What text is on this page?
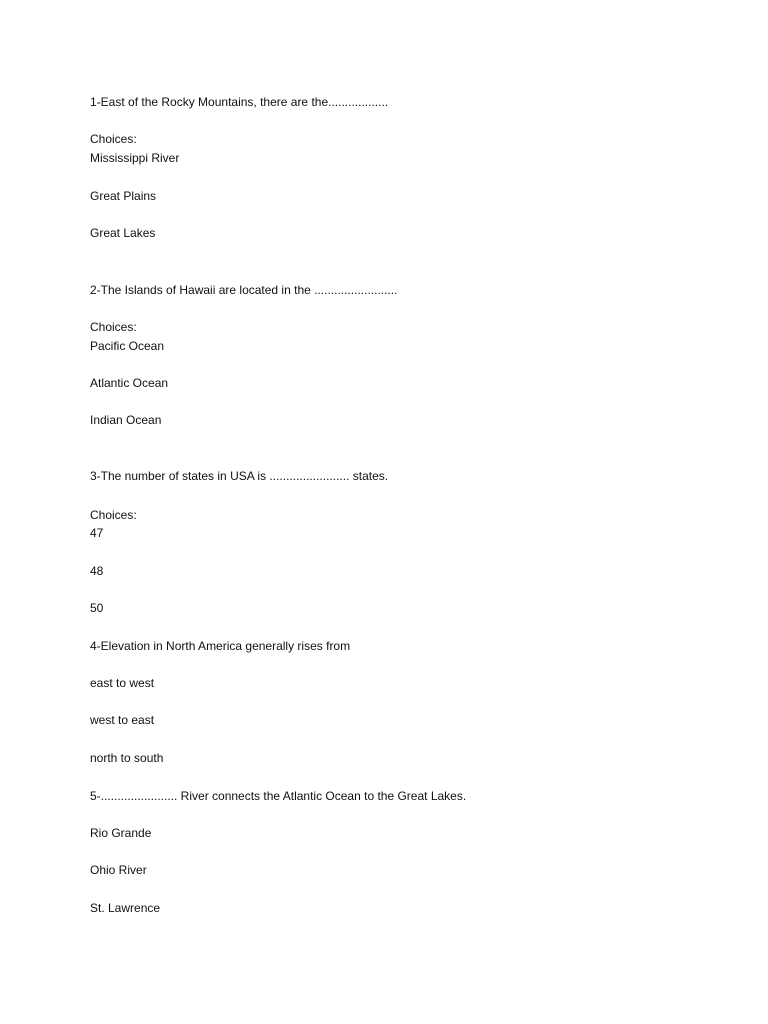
1-East of the Rocky Mountains, there are the..................
Choices:
Mississippi River
Great Plains
Great Lakes
2-The Islands of Hawaii are located in the .........................
Choices:
Pacific Ocean
Atlantic Ocean
Indian Ocean
3-The number of states in USA is ........................ states.
Choices:
47
48
50
4-Elevation in North America generally rises from
east to west
west to east
north to south
5-....................... River connects the Atlantic Ocean to the Great Lakes.
Rio Grande
Ohio River
St. Lawrence
